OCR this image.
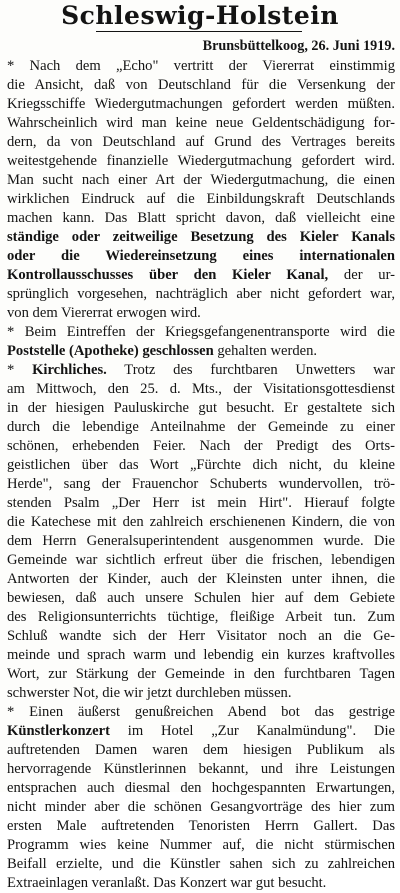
Schleswig-Holstein
Brunsbüttelkoog, 26. Juni 1919.
* Nach dem „Echo" vertritt der Viererrat einstimmig
die Ansicht, daß von Deutschland für die Versenkung der
Kriegsschiffe Wiedergutmachungen gefordert werden müßten.
Wahrscheinlich wird man keine neue Geldentschädigung for-
dern, da von Deutschland auf Grund des Vertrages bereits
weitestgehende finanzielle Wiedergutmachung gefordert wird.
Man sucht nach einer Art der Wiedergutmachung, die einen
wirklichen Eindruck auf die Einbildungskraft Deutschlands
machen kann. Das Blatt spricht davon, daß vielleicht eine
ständige oder zeitweilige Besetzung des Kieler Kanals
oder die Wiedereinsetzung eines internationalen
Kontrollausschusses über den Kieler Kanal, der ur-
sprünglich vorgesehen, nachträglich aber nicht gefordert war,
von dem Viererrat erwogen wird.
* Beim Eintreffen der Kriegsgefangenentransporte wird die
Poststelle (Apotheke) geschlossen gehalten werden.
* Kirchliches. Trotz des furchtbaren Unwetters war
am Mittwoch, den 25. d. Mts., der Visitationsgottesdienst
in der hiesigen Pauluskirche gut besucht. Er gestaltete sich
durch die lebendige Anteilnahme der Gemeinde zu einer
schönen, erhebenden Feier. Nach der Predigt des Orts-
geistlichen über das Wort „Fürchte dich nicht, du kleine
Herde", sang der Frauenchor Schuberts wundervollen, trö-
stenden Psalm „Der Herr ist mein Hirt". Hierauf folgte
die Katechese mit den zahlreich erschienenen Kindern, die von
dem Herrn Generalsuperintendent ausgenommen wurde. Die
Gemeinde war sichtlich erfreut über die frischen, lebendigen
Antworten der Kinder, auch der Kleinsten unter ihnen, die
bewiesen, daß auch unsere Schulen hier auf dem Gebiete
des Religionsunterrichts tüchtige, fleißige Arbeit tun. Zum
Schluß wandte sich der Herr Visitator noch an die Ge-
meinde und sprach warm und lebendig ein kurzes kraftvolles
Wort, zur Stärkung der Gemeinde in den furchtbaren Tagen
schwerster Not, die wir jetzt durchleben müssen.
* Einen äußerst genußreichen Abend bot das gestrige
Künstlerkonzert im Hotel „Zur Kanalmündung". Die
auftretenden Damen waren dem hiesigen Publikum als
hervorragende Künstlerinnen bekannt, und ihre Leistungen
entsprachen auch diesmal den hochgespannten Erwartungen,
nicht minder aber die schönen Gesangvorträge des hier zum
ersten Male auftretenden Tenoristen Herrn Gallert. Das
Programm wies keine Nummer auf, die nicht stürmischen
Beifall erzielte, und die Künstler sahen sich zu zahlreichen
Extraeinlagen veranlaßt. Das Konzert war gut besucht.
